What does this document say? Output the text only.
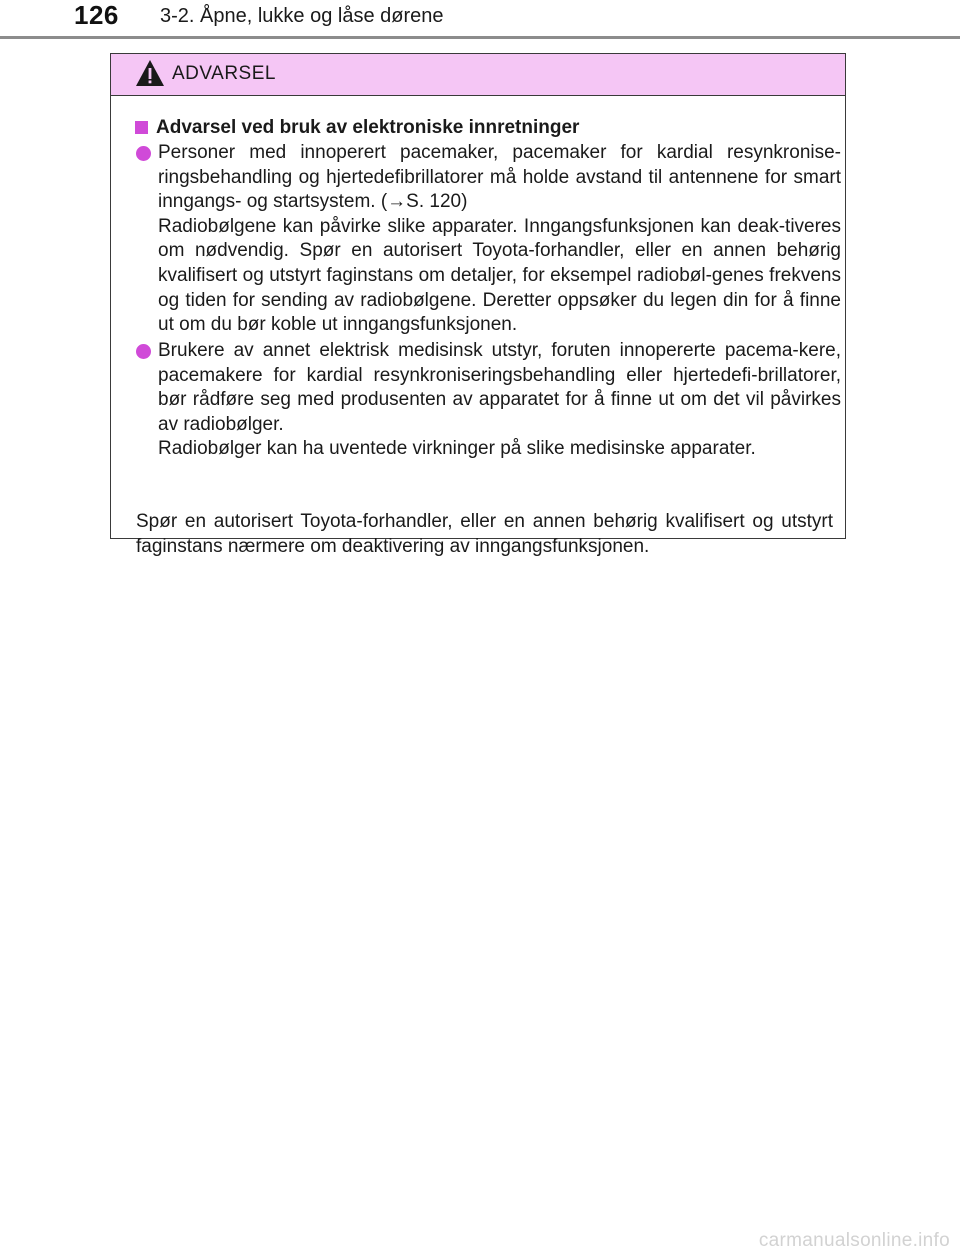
126 3-2. Åpne, lukke og låse dørene
ADVARSEL
Advarsel ved bruk av elektroniske innretninger

Personer med innoperert pacemaker, pacemaker for kardial resynkronise-ringsbehandling og hjertedefibrillatorer må holde avstand til antennene for smart inngangs- og startsystem. (→S. 120)

Radiobølgene kan påvirke slike apparater. Inngangsfunksjonen kan deak-tiveres om nødvendig. Spør en autorisert Toyota-forhandler, eller en annen behørig kvalifisert og utstyrt faginstans om detaljer, for eksempel radiobøl-genes frekvens og tiden for sending av radiobølgene. Deretter oppsøker du legen din for å finne ut om du bør koble ut inngangsfunksjonen.

Brukere av annet elektrisk medisinsk utstyr, foruten innopererte pacema-kere, pacemakere for kardial resynkroniseringsbehandling eller hjertedefi-brillatorer, bør rådføre seg med produsenten av apparatet for å finne ut om det vil påvirkes av radiobølger.

Radiobølger kan ha uventede virkninger på slike medisinske apparater.

Spør en autorisert Toyota-forhandler, eller en annen behørig kvalifisert og utstyrt faginstans nærmere om deaktivering av inngangsfunksjonen.
carmanualsonline.info
